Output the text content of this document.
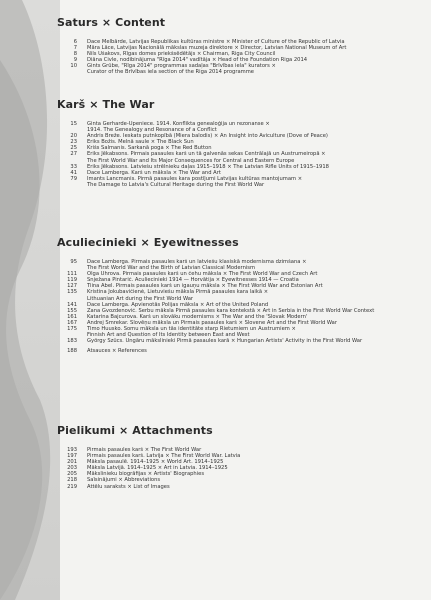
Saturs × Content
6	Dace Melbārde, Latvijas Republikas kultūras ministre × Minister of Culture of the Republic of Latvia
7	Māra Lāce, Latvijas Nacionālā mākslas muzeja direktore × Director, Latvian National Museum of Art
8	Nils Ušakovs, Rīgas domes priekšsēdētājs × Chairman, Riga City Council
9	Diāna Čivle, nodibinājuma "Rīga 2014" vadītāja × Head of the Foundation Riga 2014
10	Gints Grūbe, "Rīga 2014" programmas sadaļas "Brīvības iela" kurators ×
Curator of the Brīvības iela section of the Riga 2014 programme
Karš × The War
15	Ginta Gerharde-Upeniece. 1914. Konflikta genealoģija un rezonanse ×
1914. The Genealogy and Resonance of a Conflict
20	Andris Breže. Ieskats putnkopībā (Miera balodis) × An Insight into Aviculture (Dove of Peace)
23	Ēriks Božis. Melnā saule × The Black Sun
25	Krišs Salmanis. Sarkanā poga × The Red Button
27	Ēriks Jēkabsons. Pirmais pasaules karš un tā galvenās sekas Centrālajā un Austrumeiropā ×
The First World War and Its Major Consequences for Central and Eastern Europe
33	Ēriks Jēkabsons. Latviešu strēlnieku daļas 1915–1918 × The Latvian Rifle Units of 1915–1918
41	Dace Lamberga. Karš un māksla × The War and Art
79	Imants Lancmanis. Pirmā pasaules kara postījumi Latvijas kultūras mantojumam ×
The Damage to Latvia's Cultural Heritage during the First World War
Aculiecinieki × Eyewitnesses
95	Dace Lamberga. Pirmais pasaules karš un latviešu klasiskā modernisma dzimšana ×
The First World War and the Birth of Latvian Classical Modernism
111	Olga Uhrova. Pirmais pasaules karš un čehu māksla × The First World War and Czech Art
119	Snježana Pintarić. Aculiecinieki 1914 — Horvātija × Eyewitnesses 1914 — Croatia
127	Tiina Abel. Pirmais pasaules karš un igauņu māksla × The First World War and Estonian Art
135	Kristina Jokubavičienė, Lietuviešu māksla Pirmā pasaules kara laikā ×
Lithuanian Art during the First World War
141	Dace Lamberga. Apvienotās Polijas māksla × Art of the United Poland
155	Žana Gvozdenović. Serbu māksla Pirmā pasaules kara kontekstā × Art in Serbia in the First World War Context
161	Katarina Bajcurova. Karš un slovāku modernisms × The War and the 'Slovak Modern'
167	Andrej Smrekar. Slovēņu māksla un Pirmais pasaules karš × Slovene Art and the First World War
175	Timo Huusko. Somu māksla un tās identitāte starp Rietumiem un Austrumiem ×
Finnish Art and Question of Its Identity between East and West
183	György Szücs. Ungāru mākslinieki Pirmā pasaules karā × Hungarian Artists' Activity in the First World War
188	Atsauces × References
Pielikumi × Attachments
193	Pirmais pasaules karš × The First World War
197	Pirmais pasaules karš. Latvija × The First World War. Latvia
201	Māksla pasaulē. 1914–1925 × World Art. 1914–1925
203	Māksla Latvijā. 1914–1925 × Art in Latvia. 1914–1925
205	Mākslinieku biogrāfijas × Artists' Biographies
218	Saīsinājumi × Abbreviations
219	Attēlu saraksts × List of Images
